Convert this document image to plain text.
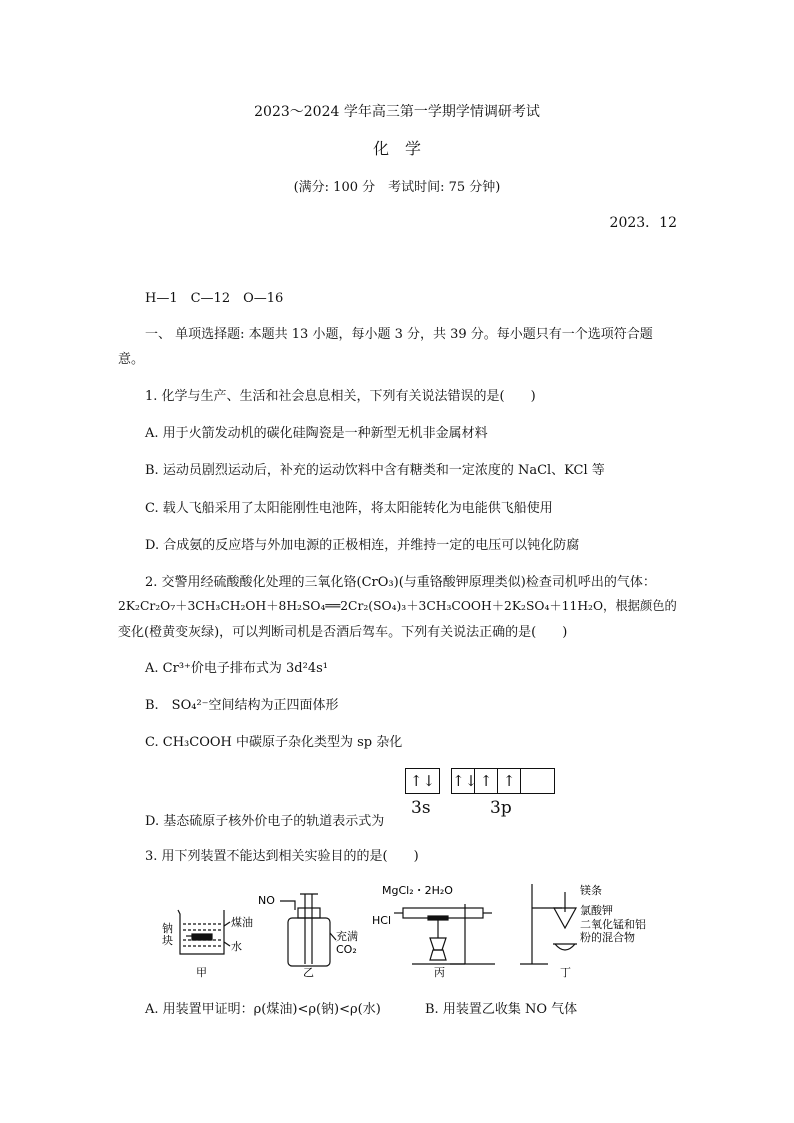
2023～2024 学年高三第一学期学情调研考试
化　学
(满分: 100 分　考试时间: 75 分钟)
2023．12
H—1　C—12　O—16
一、 单项选择题: 本题共 13 小题，每小题 3 分，共 39 分。每小题只有一个选项符合题
意。
1. 化学与生产、生活和社会息息相关，下列有关说法错误的是(　　)
A. 用于火箭发动机的碳化硅陶瓷是一种新型无机非金属材料
B. 运动员剧烈运动后，补充的运动饮料中含有糖类和一定浓度的 NaCl、KCl 等
C. 载人飞船采用了太阳能刚性电池阵，将太阳能转化为电能供飞船使用
D. 合成氨的反应塔与外加电源的正极相连，并维持一定的电压可以钝化防腐
2. 交警用经硫酸酸化处理的三氧化铬(CrO₃)(与重铬酸钾原理类似)检查司机呼出的气体：
2K₂Cr₂O₇＋3CH₃CH₂OH＋8H₂SO₄══2Cr₂(SO₄)₃＋3CH₃COOH＋2K₂SO₄＋11H₂O，根据颜色的
变化(橙黄变灰绿)，可以判断司机是否酒后驾车。下列有关说法正确的是(　　)
A. Cr³⁺价电子排布式为 3d²4s¹
B.　SO₄²⁻空间结构为正四面体形
C. CH₃COOH 中碳原子杂化类型为 sp 杂化
D. 基态硫原子核外价电子的轨道表示式为
↑↓ ↑↓ ↑ ↑
3s	3p
3. 用下列装置不能达到相关实验目的的是(　　)
钠
块
煤油
水
甲
NO
充满
CO₂
乙
MgCl₂・2H₂O
HCl
丙
镁条
氯酸钾
二氧化锰和铝
粉的混合物
丁
A. 用装置甲证明：ρ(煤油)<ρ(钠)<ρ(水)	B. 用装置乙收集 NO 气体
